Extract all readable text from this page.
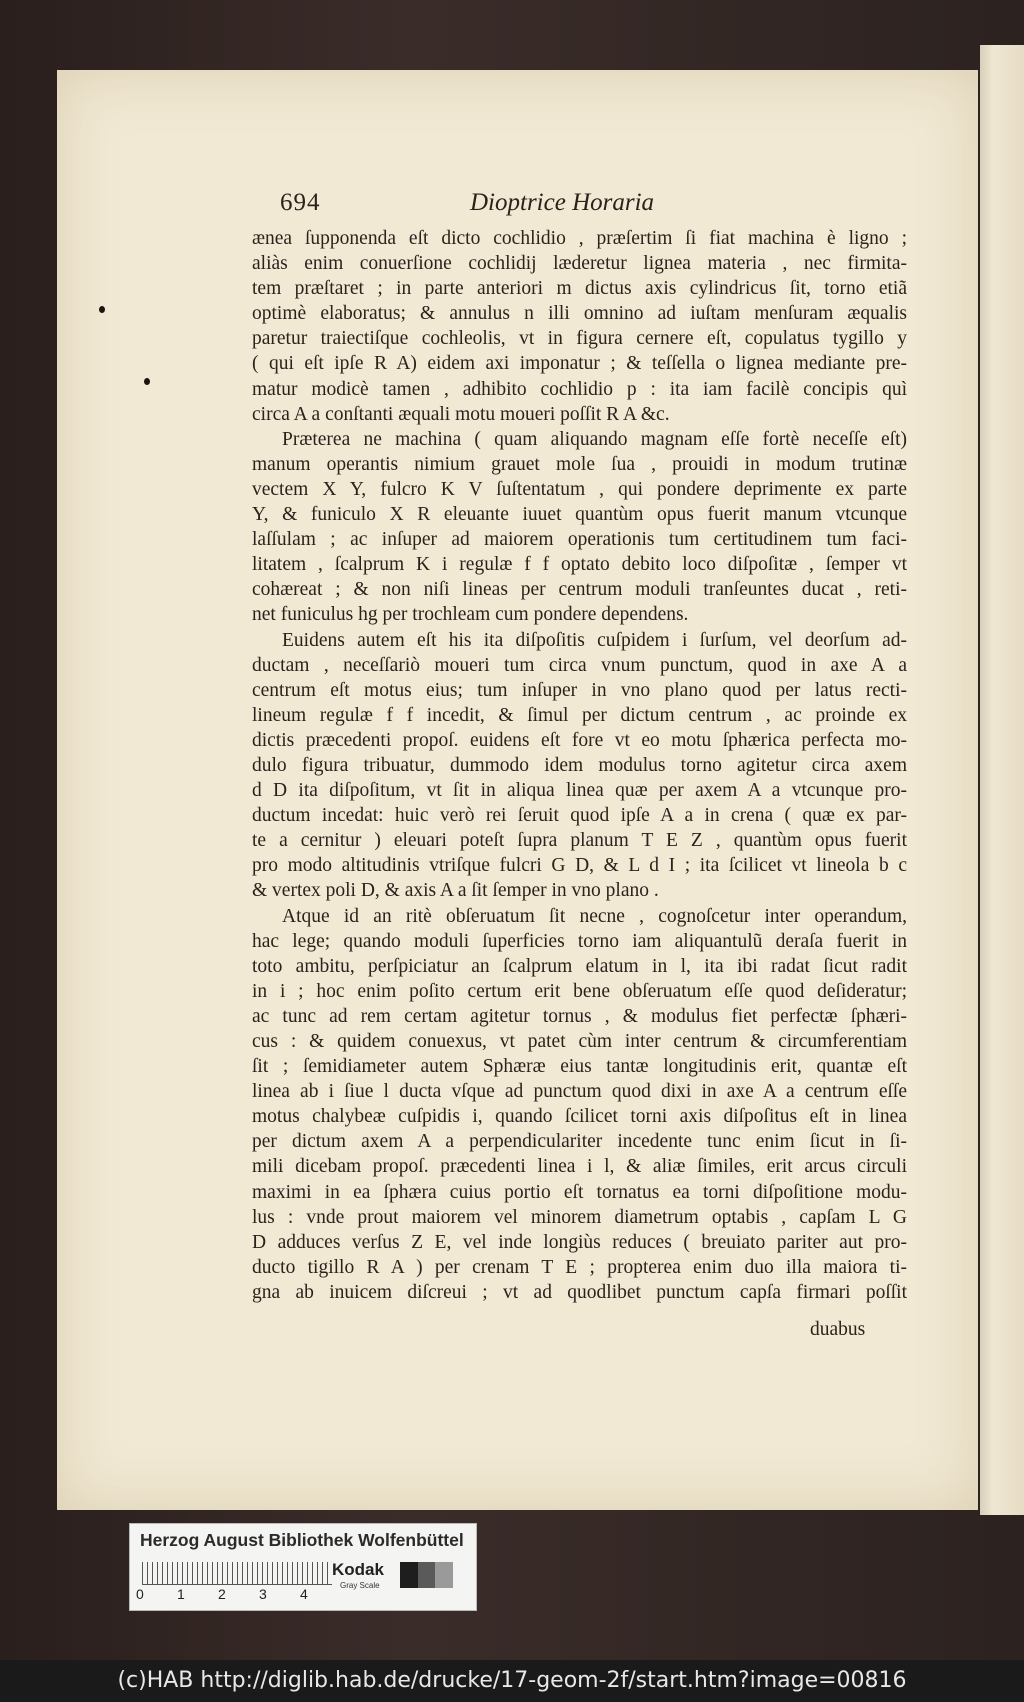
694	Dioptrice Horaria
ænea ſupponenda eſt dicto cochlidio , præſertim ſi fiat machina è ligno ;
aliàs enim conuerſione cochlidij læderetur lignea materia , nec firmita-
tem præſtaret ; in parte anteriori m dictus axis cylindricus ſit, torno etiã
optimè elaboratus; & annulus n illi omnino ad iuſtam menſuram æqualis
paretur traiectiſque cochleolis, vt in figura cernere eſt, copulatus tygillo y
( qui eſt ipſe R A) eidem axi imponatur ; & teſſella o lignea mediante pre-
matur modicè tamen , adhibito cochlidio p : ita iam facilè concipis quì
circa A a conſtanti æquali motu moueri poſſit R A &c.
Præterea ne machina ( quam aliquando magnam eſſe fortè neceſſe eſt)
manum operantis nimium grauet mole ſua , prouidi in modum trutinæ
vectem X Y, fulcro K V ſuſtentatum , qui pondere deprimente ex parte
Y, & funiculo X R eleuante iuuet quantùm opus fuerit manum vtcunque
laſſulam ; ac inſuper ad maiorem operationis tum certitudinem tum faci-
litatem , ſcalprum K i regulæ f f optato debito loco diſpoſitæ , ſemper vt
cohæreat ; & non niſi lineas per centrum moduli tranſeuntes ducat , reti-
net funiculus hg per trochleam cum pondere dependens.
Euidens autem eſt his ita diſpoſitis cuſpidem i ſurſum, vel deorſum ad-
ductam , neceſſariò moueri tum circa vnum punctum, quod in axe A a
centrum eſt motus eius; tum inſuper in vno plano quod per latus recti-
lineum regulæ f f incedit, & ſimul per dictum centrum , ac proinde ex
dictis præcedenti propoſ. euidens eſt fore vt eo motu ſphærica perfecta mo-
dulo figura tribuatur, dummodo idem modulus torno agitetur circa axem
d D ita diſpoſitum, vt ſit in aliqua linea quæ per axem A a vtcunque pro-
ductum incedat: huic verò rei ſeruit quod ipſe A a in crena ( quæ ex par-
te a cernitur ) eleuari poteſt ſupra planum T E Z , quantùm opus fuerit
pro modo altitudinis vtriſque fulcri G D, & L d I ; ita ſcilicet vt lineola b c
& vertex poli D, & axis A a ſit ſemper in vno plano .
Atque id an ritè obſeruatum ſit necne , cognoſcetur inter operandum,
hac lege; quando moduli ſuperficies torno iam aliquantulũ deraſa fuerit in
toto ambitu, perſpiciatur an ſcalprum elatum in l, ita ibi radat ſicut radit
in i ; hoc enim poſito certum erit bene obſeruatum eſſe quod deſideratur;
ac tunc ad rem certam agitetur tornus , & modulus fiet perfectæ ſphæri-
cus : & quidem conuexus, vt patet cùm inter centrum & circumferentiam
ſit ; ſemidiameter autem Sphæræ eius tantæ longitudinis erit, quantæ eſt
linea ab i ſiue l ducta vſque ad punctum quod dixi in axe A a centrum eſſe
motus chalybeæ cuſpidis i, quando ſcilicet torni axis diſpoſitus eſt in linea
per dictum axem A a perpendiculariter incedente tunc enim ſicut in ſi-
mili dicebam propoſ. præcedenti linea i l, & aliæ ſimiles, erit arcus circuli
maximi in ea ſphæra cuius portio eſt tornatus ea torni diſpoſitione modu-
lus : vnde prout maiorem vel minorem diametrum optabis , capſam L G
D adduces verſus Z E, vel inde longiùs reduces ( breuiato pariter aut pro-
ducto tigillo R A ) per crenam T E ; propterea enim duo illa maiora ti-
gna ab inuicem diſcreui ; vt ad quodlibet punctum capſa firmari poſſit
duabus
Herzog August Bibliothek Wolfenbüttel
0 1 2 3 4
Kodak
Gray Scale
(c)HAB http://diglib.hab.de/drucke/17-geom-2f/start.htm?image=00816
